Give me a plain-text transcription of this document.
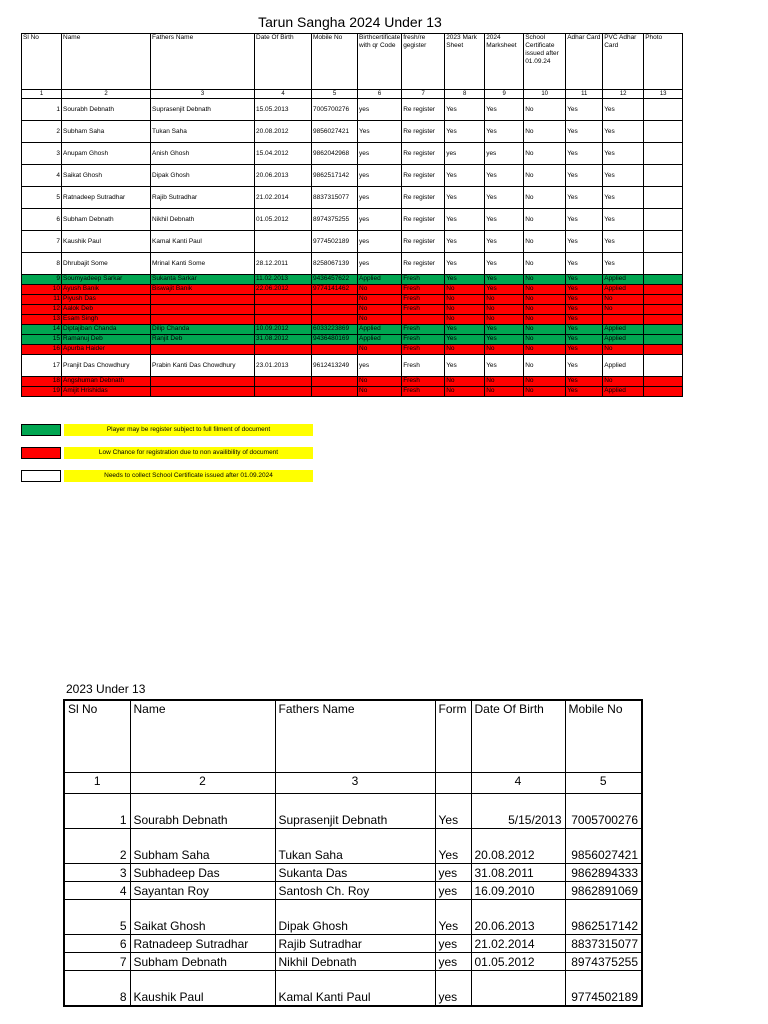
Tarun Sangha 2024 Under 13
Sl No	Name	Fathers Name	Date Of Birth	Mobile No	Birthcertificate with qr Code	fresh/re gegister	2023 Mark Sheet	2024 Marksheet	School Certificate issued after 01.09.24	Adhar Card	PVC Adhar Card	Photo
1	2	3	4	5	6	7	8	9	10	11	12	13
1	Sourabh Debnath	Suprasenjit Debnath	15.05.2013	7005700276	yes	Re register	Yes	Yes	No	Yes	Yes	
2	Subham Saha	Tukan Saha	20.08.2012	9856027421	Yes	Re register	Yes	Yes	No	Yes	Yes	
3	Anupam Ghosh	Anish Ghosh	15.04.2012	9862042968	yes	Re register	yes	yes	No	Yes	Yes	
4	Saikat Ghosh	Dipak Ghosh	20.06.2013	9862517142	yes	Re register	Yes	Yes	No	Yes	Yes	
5	Ratnadeep Sutradhar	Rajib Sutradhar	21.02.2014	8837315077	yes	Re register	Yes	Yes	No	Yes	Yes	
6	Subham Debnath	Nikhil Debnath	01.05.2012	8974375255	yes	Re register	Yes	Yes	No	Yes	Yes	
7	Kaushik Paul	Kamal Kanti Paul		9774502189	yes	Re register	Yes	Yes	No	Yes	Yes	
8	Dhrubajit Some	Mrinal Kanti Some	28.12.2011	8258067139	yes	Re register	Yes	Yes	No	Yes	Yes	
9	Soumyadeep Sarkar	Sukanta Sarkar	11.02.2013	9436457622	Applied	Fresh	Yes	Yes	No	Yes	Applied	
10	Ayush Banik	Biswajit Banik	22.06.2012	9774141462	No	Fresh	No	Yes	No	Yes	Applied	
11	Piyush Das				No	Fresh	No	No	No	Yes	No	
12	Aalok Deb				No	Fresh	No	No	No	Yes	No	
13	Esam Singh				No		No	No	No	Yes		
14	Diptajiban Chanda	Dilip Chanda	10.09.2012	6033223869	Applied	Fresh	Yes	Yes	No	Yes	Applied	
15	Ramanuj Deb	Ranjit Deb	31.08.2012	9436480169	Applied	Fresh	Yes	Yes	No	Yes	Applied	
16	Apurba Haider				No	Fresh	No	No	No	Yes	No	
17	Pranjit Das Chowdhury	Prabin Kanti Das Chowdhury	23.01.2013	9612413249	yes	Fresh	Yes	Yes	No	Yes	Applied	
18	Angshuman Debnath				No	Fresh	No	No	No	Yes	No	
19	Amijit Hrishidas				No	Fresh	No	No	No	Yes	Applied	
Player may be register subject to full filment of document
Low Chance for registration due to non availibility of document
Needs to collect School Certificate issued after 01.09.2024
2023 Under 13
Sl No	Name	Fathers Name	Form	Date Of Birth	Mobile No
1	2	3		4	5
1	Sourabh Debnath	Suprasenjit Debnath	Yes	5/15/2013	7005700276
2	Subham Saha	Tukan Saha	Yes	20.08.2012	9856027421
3	Subhadeep Das	Sukanta Das	yes	31.08.2011	9862894333
4	Sayantan Roy	Santosh Ch. Roy	yes	16.09.2010	9862891069
5	Saikat Ghosh	Dipak Ghosh	Yes	20.06.2013	9862517142
6	Ratnadeep Sutradhar	Rajib Sutradhar	yes	21.02.2014	8837315077
7	Subham Debnath	Nikhil Debnath	yes	01.05.2012	8974375255
8	Kaushik Paul	Kamal Kanti Paul	yes		9774502189
